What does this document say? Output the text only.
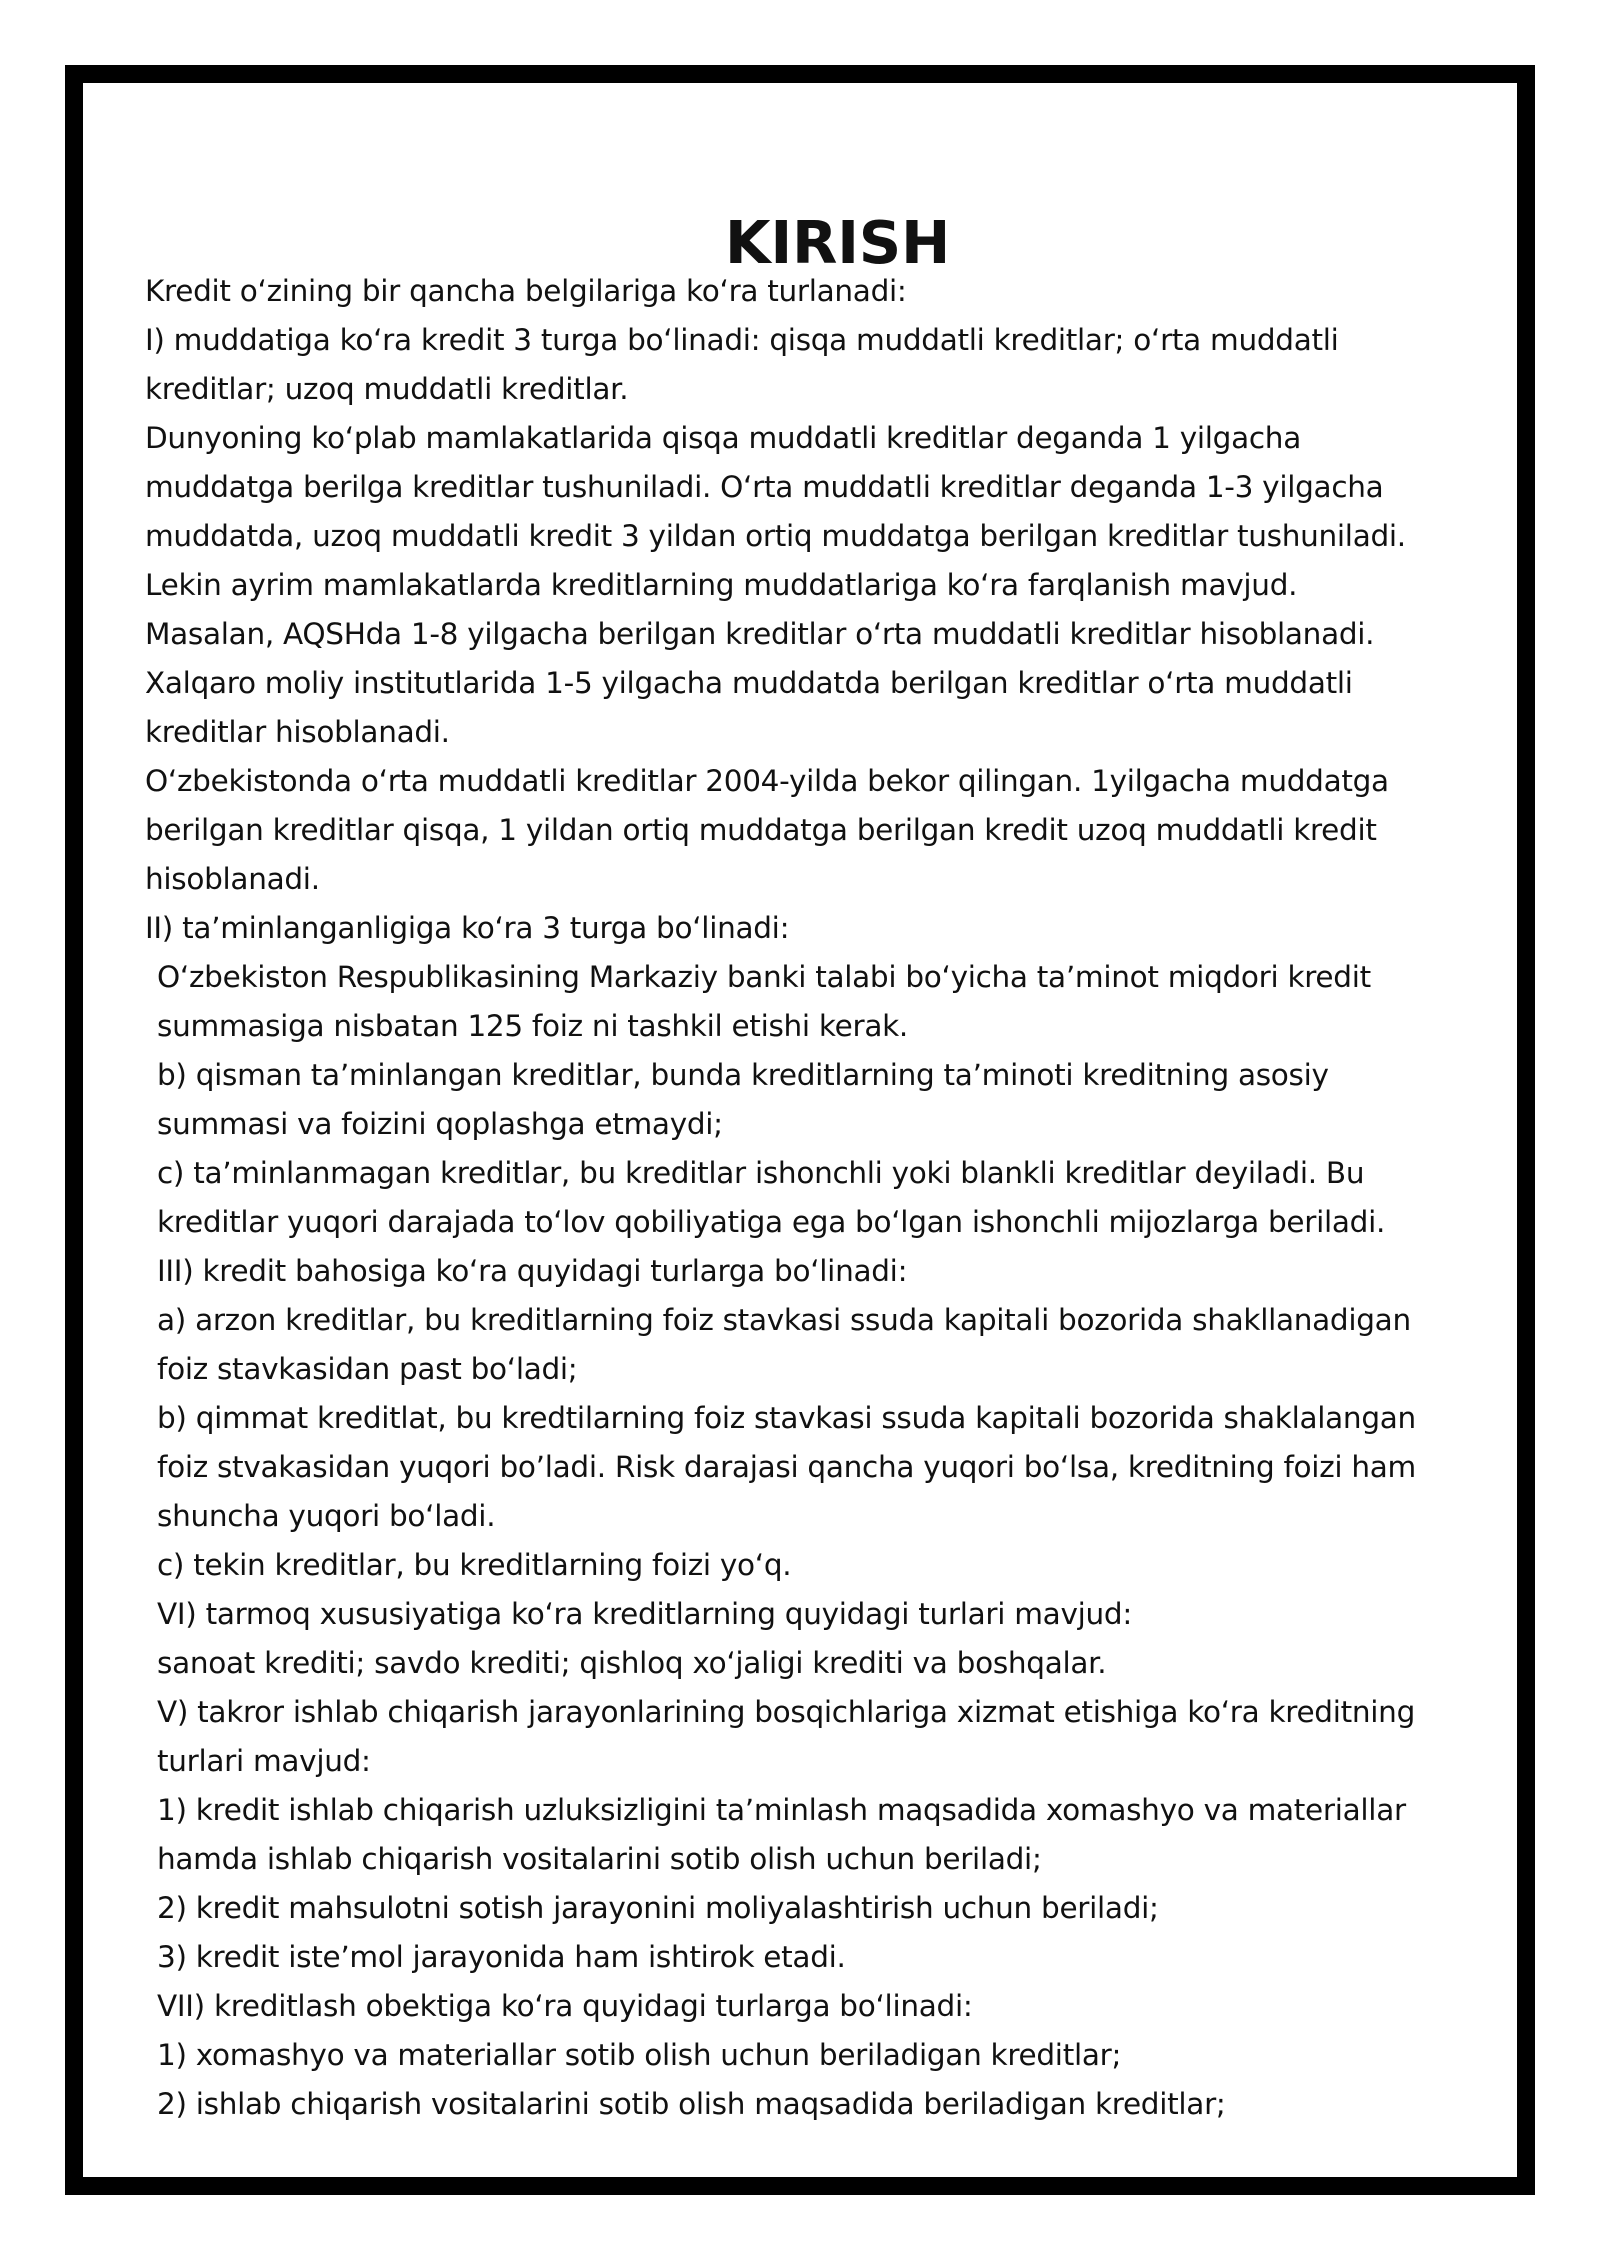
KIRISH

Kredit o‘zining bir qancha belgilariga ko‘ra turlanadi:

I) muddatiga ko‘ra kredit 3 turga bo‘linadi: qisqa muddatli kreditlar; o‘rta muddatli
kreditlar; uzoq muddatli kreditlar.

Dunyoning ko‘plab mamlakatlarida qisqa muddatli kreditlar deganda 1 yilgacha
muddatga berilga kreditlar tushuniladi. O‘rta muddatli kreditlar deganda 1-3 yilgacha
muddatda, uzoq muddatli kredit 3 yildan ortiq muddatga berilgan kreditlar tushuniladi.
Lekin ayrim mamlakatlarda kreditlarning muddatlariga ko‘ra farqlanish mavjud.
Masalan, AQSHda 1-8 yilgacha berilgan kreditlar o‘rta muddatli kreditlar hisoblanadi.
Xalqaro moliy institutlarida 1-5 yilgacha muddatda berilgan kreditlar o‘rta muddatli
kreditlar hisoblanadi.

O‘zbekistonda o‘rta muddatli kreditlar 2004-yilda bekor qilingan. 1yilgacha muddatga
berilgan kreditlar qisqa, 1 yildan ortiq muddatga berilgan kredit uzoq muddatli kredit
hisoblanadi.

II) ta’minlanganligiga ko‘ra 3 turga bo‘linadi:

O‘zbekiston Respublikasining Markaziy banki talabi bo‘yicha ta’minot miqdori kredit
summasiga nisbatan 125 foiz ni tashkil etishi kerak.

b) qisman ta’minlangan kreditlar, bunda kreditlarning ta’minoti kreditning asosiy
summasi va foizini qoplashga etmaydi;

c) ta’minlanmagan kreditlar, bu kreditlar ishonchli yoki blankli kreditlar deyiladi. Bu
kreditlar yuqori darajada to‘lov qobiliyatiga ega bo‘lgan ishonchli mijozlarga beriladi.

III) kredit bahosiga ko‘ra quyidagi turlarga bo‘linadi:

a) arzon kreditlar, bu kreditlarning foiz stavkasi ssuda kapitali bozorida shakllanadigan
foiz stavkasidan past bo‘ladi;

b) qimmat kreditlat, bu kredtilarning foiz stavkasi ssuda kapitali bozorida shaklalangan
foiz stvakasidan yuqori bo’ladi. Risk darajasi qancha yuqori bo‘lsa, kreditning foizi ham
shuncha yuqori bo‘ladi.

c) tekin kreditlar, bu kreditlarning foizi yo‘q.

VI) tarmoq xususiyatiga ko‘ra kreditlarning quyidagi turlari mavjud:

sanoat krediti; savdo krediti; qishloq xo‘jaligi krediti va boshqalar.

V) takror ishlab chiqarish jarayonlarining bosqichlariga xizmat etishiga ko‘ra kreditning
turlari mavjud:

1) kredit ishlab chiqarish uzluksizligini ta’minlash maqsadida xomashyo va materiallar
hamda ishlab chiqarish vositalarini sotib olish uchun beriladi;

2) kredit mahsulotni sotish jarayonini moliyalashtirish uchun beriladi;

3) kredit iste’mol jarayonida ham ishtirok etadi.

VII) kreditlash obektiga ko‘ra quyidagi turlarga bo‘linadi:

1) xomashyo va materiallar sotib olish uchun beriladigan kreditlar;

2) ishlab chiqarish vositalarini sotib olish maqsadida beriladigan kreditlar;
